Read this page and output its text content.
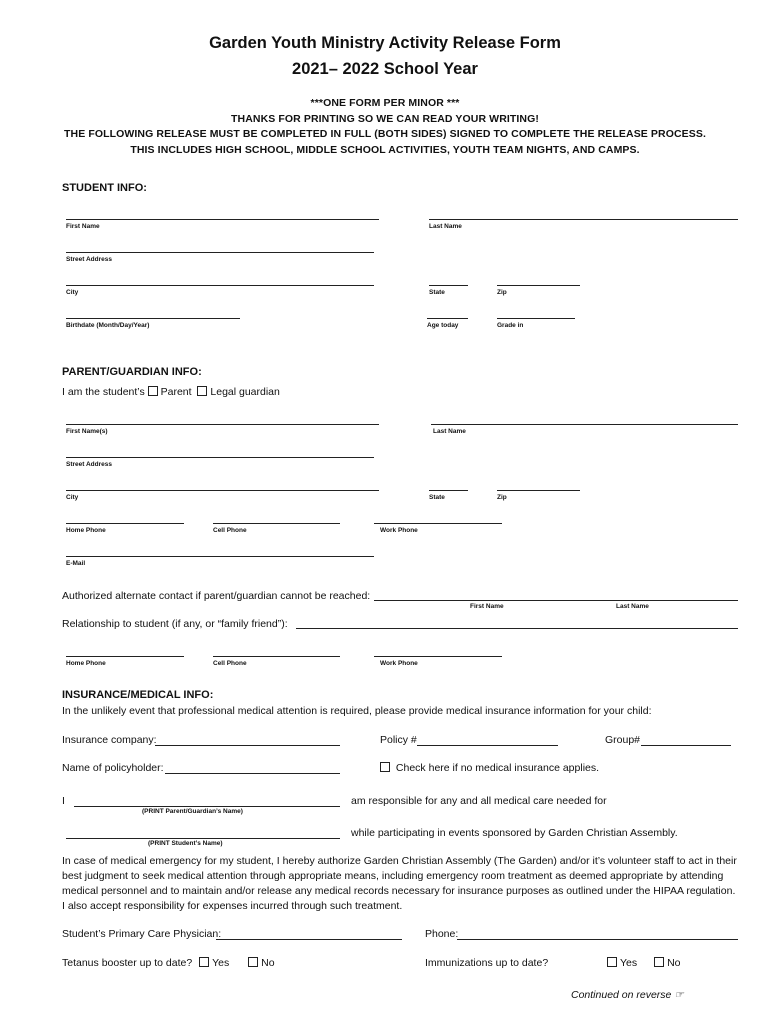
Garden Youth Ministry Activity Release Form
2021– 2022 School Year
***ONE FORM PER MINOR ***
THANKS FOR PRINTING SO WE CAN READ YOUR WRITING!
THE FOLLOWING RELEASE MUST BE COMPLETED IN FULL (BOTH SIDES) SIGNED TO COMPLETE THE RELEASE PROCESS.
THIS INCLUDES HIGH SCHOOL, MIDDLE SCHOOL ACTIVITIES, YOUTH TEAM NIGHTS, AND CAMPS.
STUDENT INFO:
First Name	Last Name
Street Address
City	State	Zip
Birthdate (Month/Day/Year)	Age today	Grade in
PARENT/GUARDIAN INFO:
I am the student’s Parent Legal guardian
First Name(s)	Last Name
Street Address
City	State	Zip
Home Phone	Cell Phone	Work Phone
E-Mail
Authorized alternate contact if parent/guardian cannot be reached:
First Name	Last Name
Relationship to student (if any, or “family friend”):
Home Phone	Cell Phone	Work Phone
INSURANCE/MEDICAL INFO:
In the unlikely event that professional medical attention is required, please provide medical insurance information for your child:
Insurance company:	Policy #	Group#
Name of policyholder:	Check here if no medical insurance applies.
I
(PRINT Parent/Guardian’s Name)
am responsible for any and all medical care needed for
(PRINT Student’s Name)
while participating in events sponsored by Garden Christian Assembly.
In case of medical emergency for my student, I hereby authorize Garden Christian Assembly (The Garden) and/or it’s volunteer staff to act in their best judgment to seek medical attention through appropriate means, including emergency room treatment as deemed appropriate by attending medical personnel and to maintain and/or release any medical records necessary for insurance purposes as outlined under the HIPAA regulation. I also accept responsibility for expenses incurred through such treatment.
Student’s Primary Care Physician:	Phone:
Tetanus booster up to date? Yes	No	Immunizations up to date?	Yes	No
Continued on reverse ☞
